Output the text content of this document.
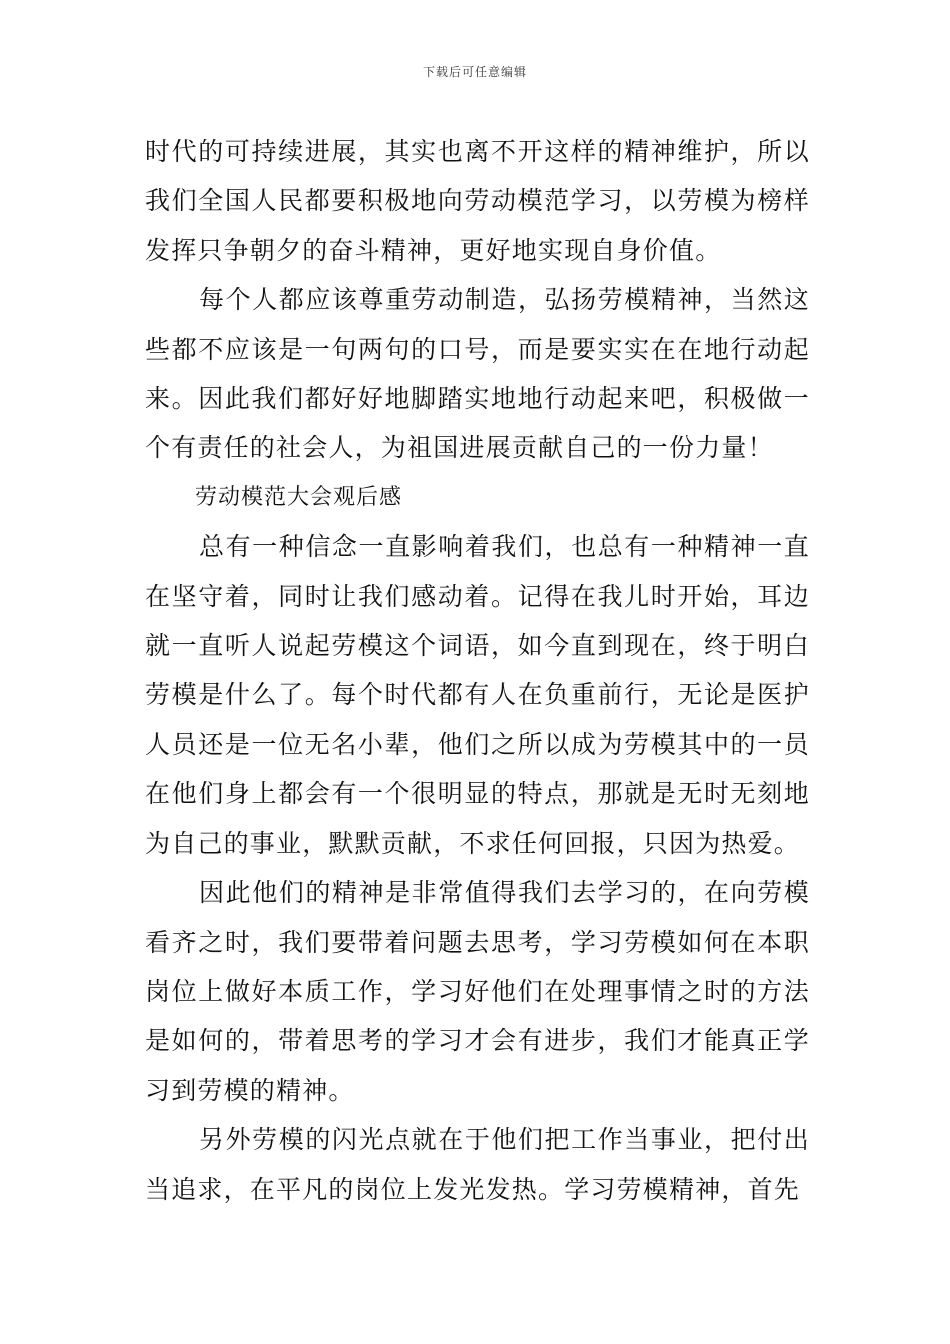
下载后可任意编辑

时代的可持续进展，其实也离不开这样的精神维护，所以我们全国人民都要积极地向劳动模范学习，以劳模为榜样发挥只争朝夕的奋斗精神，更好地实现自身价值。

每个人都应该尊重劳动制造，弘扬劳模精神，当然这些都不应该是一句两句的口号，而是要实实在在地行动起来。因此我们都好好地脚踏实地地行动起来吧，积极做一个有责任的社会人，为祖国进展贡献自己的一份力量！

劳动模范大会观后感

总有一种信念一直影响着我们，也总有一种精神一直在坚守着，同时让我们感动着。记得在我儿时开始，耳边就一直听人说起劳模这个词语，如今直到现在，终于明白劳模是什么了。每个时代都有人在负重前行，无论是医护人员还是一位无名小辈，他们之所以成为劳模其中的一员在他们身上都会有一个很明显的特点，那就是无时无刻地为自己的事业，默默贡献，不求任何回报，只因为热爱。

因此他们的精神是非常值得我们去学习的，在向劳模看齐之时，我们要带着问题去思考，学习劳模如何在本职岗位上做好本质工作，学习好他们在处理事情之时的方法是如何的，带着思考的学习才会有进步，我们才能真正学习到劳模的精神。

另外劳模的闪光点就在于他们把工作当事业，把付出当追求，在平凡的岗位上发光发热。学习劳模精神，首先
